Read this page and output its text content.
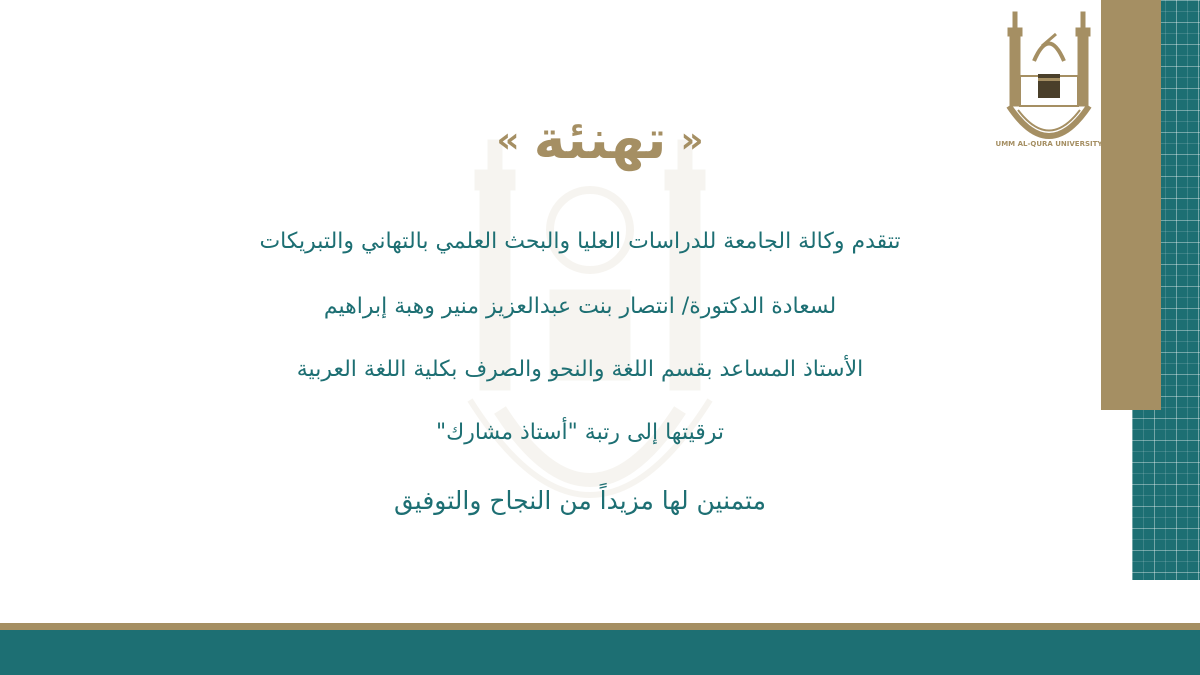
UMM AL-QURA UNIVERSITY
«
تهنئة
»
تتقدم وكالة الجامعة للدراسات العليا والبحث العلمي بالتهاني والتبريكات
لسعادة الدكتورة/ انتصار بنت عبدالعزيز منير وهبة إبراهيم
الأستاذ المساعد بقسم اللغة والنحو والصرف بكلية اللغة العربية
ترقيتها إلى رتبة "أستاذ مشارك"
متمنين لها مزيداً من النجاح والتوفيق
